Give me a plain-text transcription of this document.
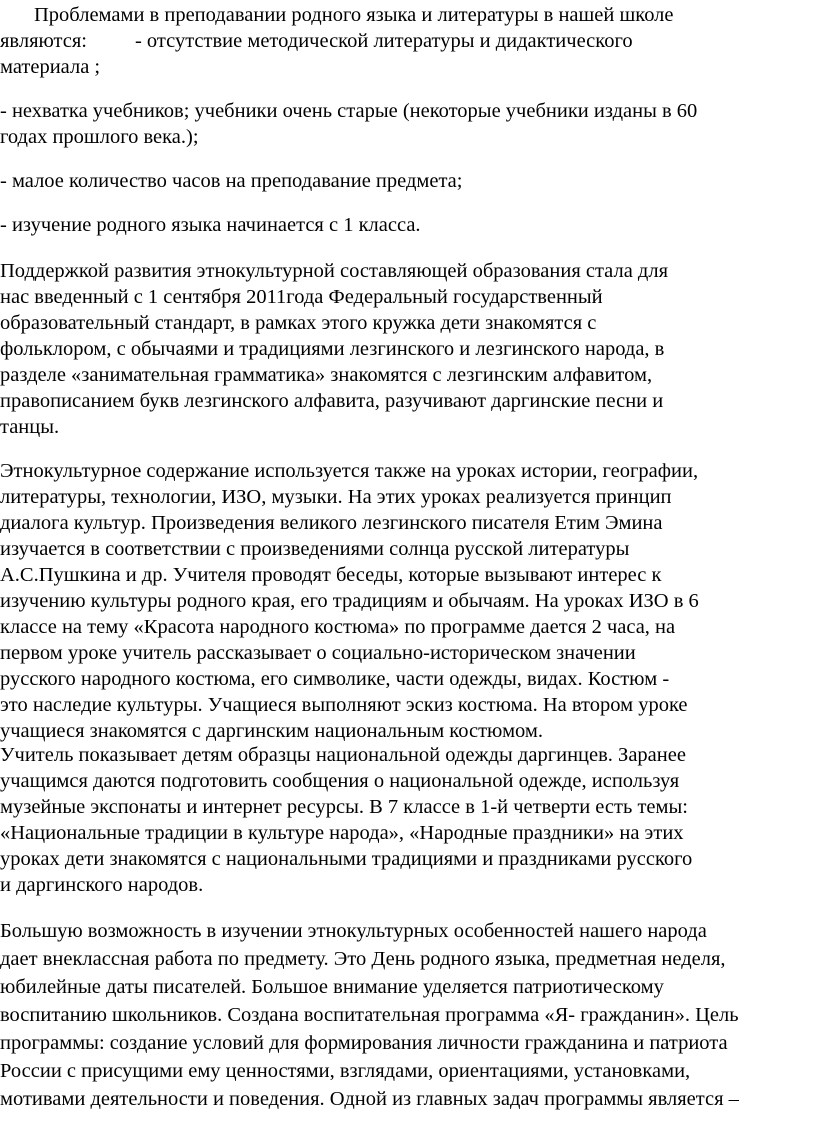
Проблемами в преподавании родного языка и литературы в нашей школе
являются: - отсутствие методической литературы и дидактического
материала ;
- нехватка учебников; учебники очень старые (некоторые учебники изданы в 60
годах прошлого века.);
- малое количество часов на преподавание предмета;
- изучение родного языка начинается с 1 класса.
Поддержкой развития этнокультурной составляющей образования стала для
нас введенный с 1 сентября 2011года Федеральный государственный
образовательный стандарт, в рамках этого кружка дети знакомятся с
фольклором, с обычаями и традициями лезгинского и лезгинского народа, в
разделе «занимательная грамматика» знакомятся с лезгинским алфавитом,
правописанием букв лезгинского алфавита, разучивают даргинские песни и
танцы.
Этнокультурное содержание используется также на уроках истории, географии,
литературы, технологии, ИЗО, музыки. На этих уроках реализуется принцип
диалога культур. Произведения великого лезгинского писателя Етим Эмина
изучается в соответствии с произведениями солнца русской литературы
А.С.Пушкина и др. Учителя проводят беседы, которые вызывают интерес к
изучению культуры родного края, его традициям и обычаям. На уроках ИЗО в 6
классе на тему «Красота народного костюма» по программе дается 2 часа, на
первом уроке учитель рассказывает о социально-историческом значении
русского народного костюма, его символике, части одежды, видах. Костюм -
это наследие культуры. Учащиеся выполняют эскиз костюма. На втором уроке
учащиеся знакомятся с даргинским национальным костюмом.
Учитель показывает детям образцы национальной одежды даргинцев. Заранее
учащимся даются подготовить сообщения о национальной одежде, используя
музейные экспонаты и интернет ресурсы. В 7 классе в 1-й четверти есть темы:
«Национальные традиции в культуре народа», «Народные праздники» на этих
уроках дети знакомятся с национальными традициями и праздниками русского
и даргинского народов.
Большую возможность в изучении этнокультурных особенностей нашего народа
дает внеклассная работа по предмету. Это День родного языка, предметная неделя,
юбилейные даты писателей. Большое внимание уделяется патриотическому
воспитанию школьников. Создана воспитательная программа «Я- гражданин». Цель
программы: создание условий для формирования личности гражданина и патриота
России с присущими ему ценностями, взглядами, ориентациями, установками,
мотивами деятельности и поведения. Одной из главных задач программы является –
